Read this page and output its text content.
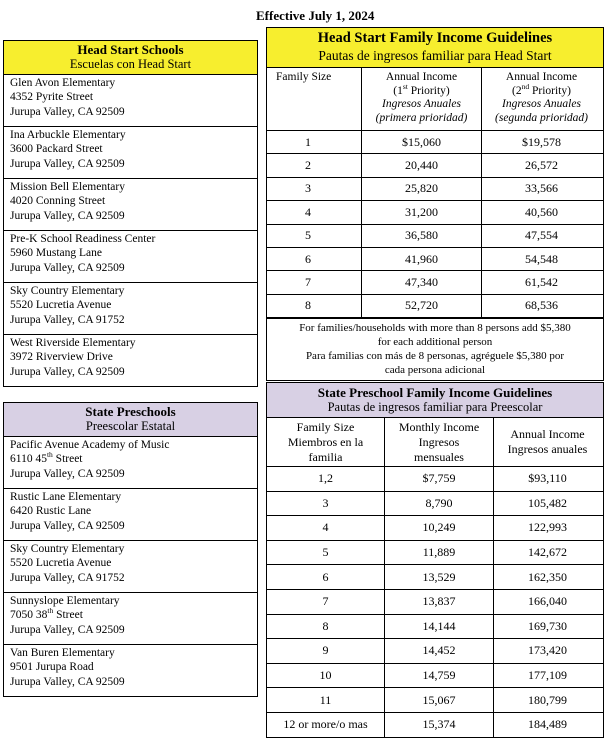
Effective July 1, 2024
Head Start Schools
Escuelas con Head Start
Glen Avon Elementary
4352 Pyrite Street
Jurupa Valley, CA 92509
Ina Arbuckle Elementary
3600 Packard Street
Jurupa Valley, CA 92509
Mission Bell Elementary
4020 Conning Street
Jurupa Valley, CA 92509
Pre-K School Readiness Center
5960 Mustang Lane
Jurupa Valley, CA 92509
Sky Country Elementary
5520 Lucretia Avenue
Jurupa Valley, CA 91752
West Riverside Elementary
3972 Riverview Drive
Jurupa Valley, CA 92509
State Preschools
Preescolar Estatal
Pacific Avenue Academy of Music
6110 45th Street
Jurupa Valley, CA 92509
Rustic Lane Elementary
6420 Rustic Lane
Jurupa Valley, CA 92509
Sky Country Elementary
5520 Lucretia Avenue
Jurupa Valley, CA 91752
Sunnyslope Elementary
7050 38th Street
Jurupa Valley, CA 92509
Van Buren Elementary
9501 Jurupa Road
Jurupa Valley, CA 92509
Head Start Family Income Guidelines
Pautas de ingresos familiar para Head Start
Family Size	Annual Income
(1st Priority)
Ingresos Anuales
(primera prioridad)
Annual Income
(2nd Priority)
Ingresos Anuales
(segunda prioridad)
1	$15,060	$19,578
2	20,440	26,572
3	25,820	33,566
4	31,200	40,560
5	36,580	47,554
6	41,960	54,548
7	47,340	61,542
8	52,720	68,536
For families/households with more than 8 persons add $5,380
for each additional person
Para familias con más de 8 personas, agréguele $5,380 por
cada persona adicional
State Preschool Family Income Guidelines
Pautas de ingresos familiar para Preescolar
Family Size
Miembros en la
familia
Monthly Income
Ingresos
mensuales
Annual Income
Ingresos anuales
1,2	$7,759	$93,110
3	8,790	105,482
4	10,249	122,993
5	11,889	142,672
6	13,529	162,350
7	13,837	166,040
8	14,144	169,730
9	14,452	173,420
10	14,759	177,109
11	15,067	180,799
12 or more/o mas	15,374	184,489
